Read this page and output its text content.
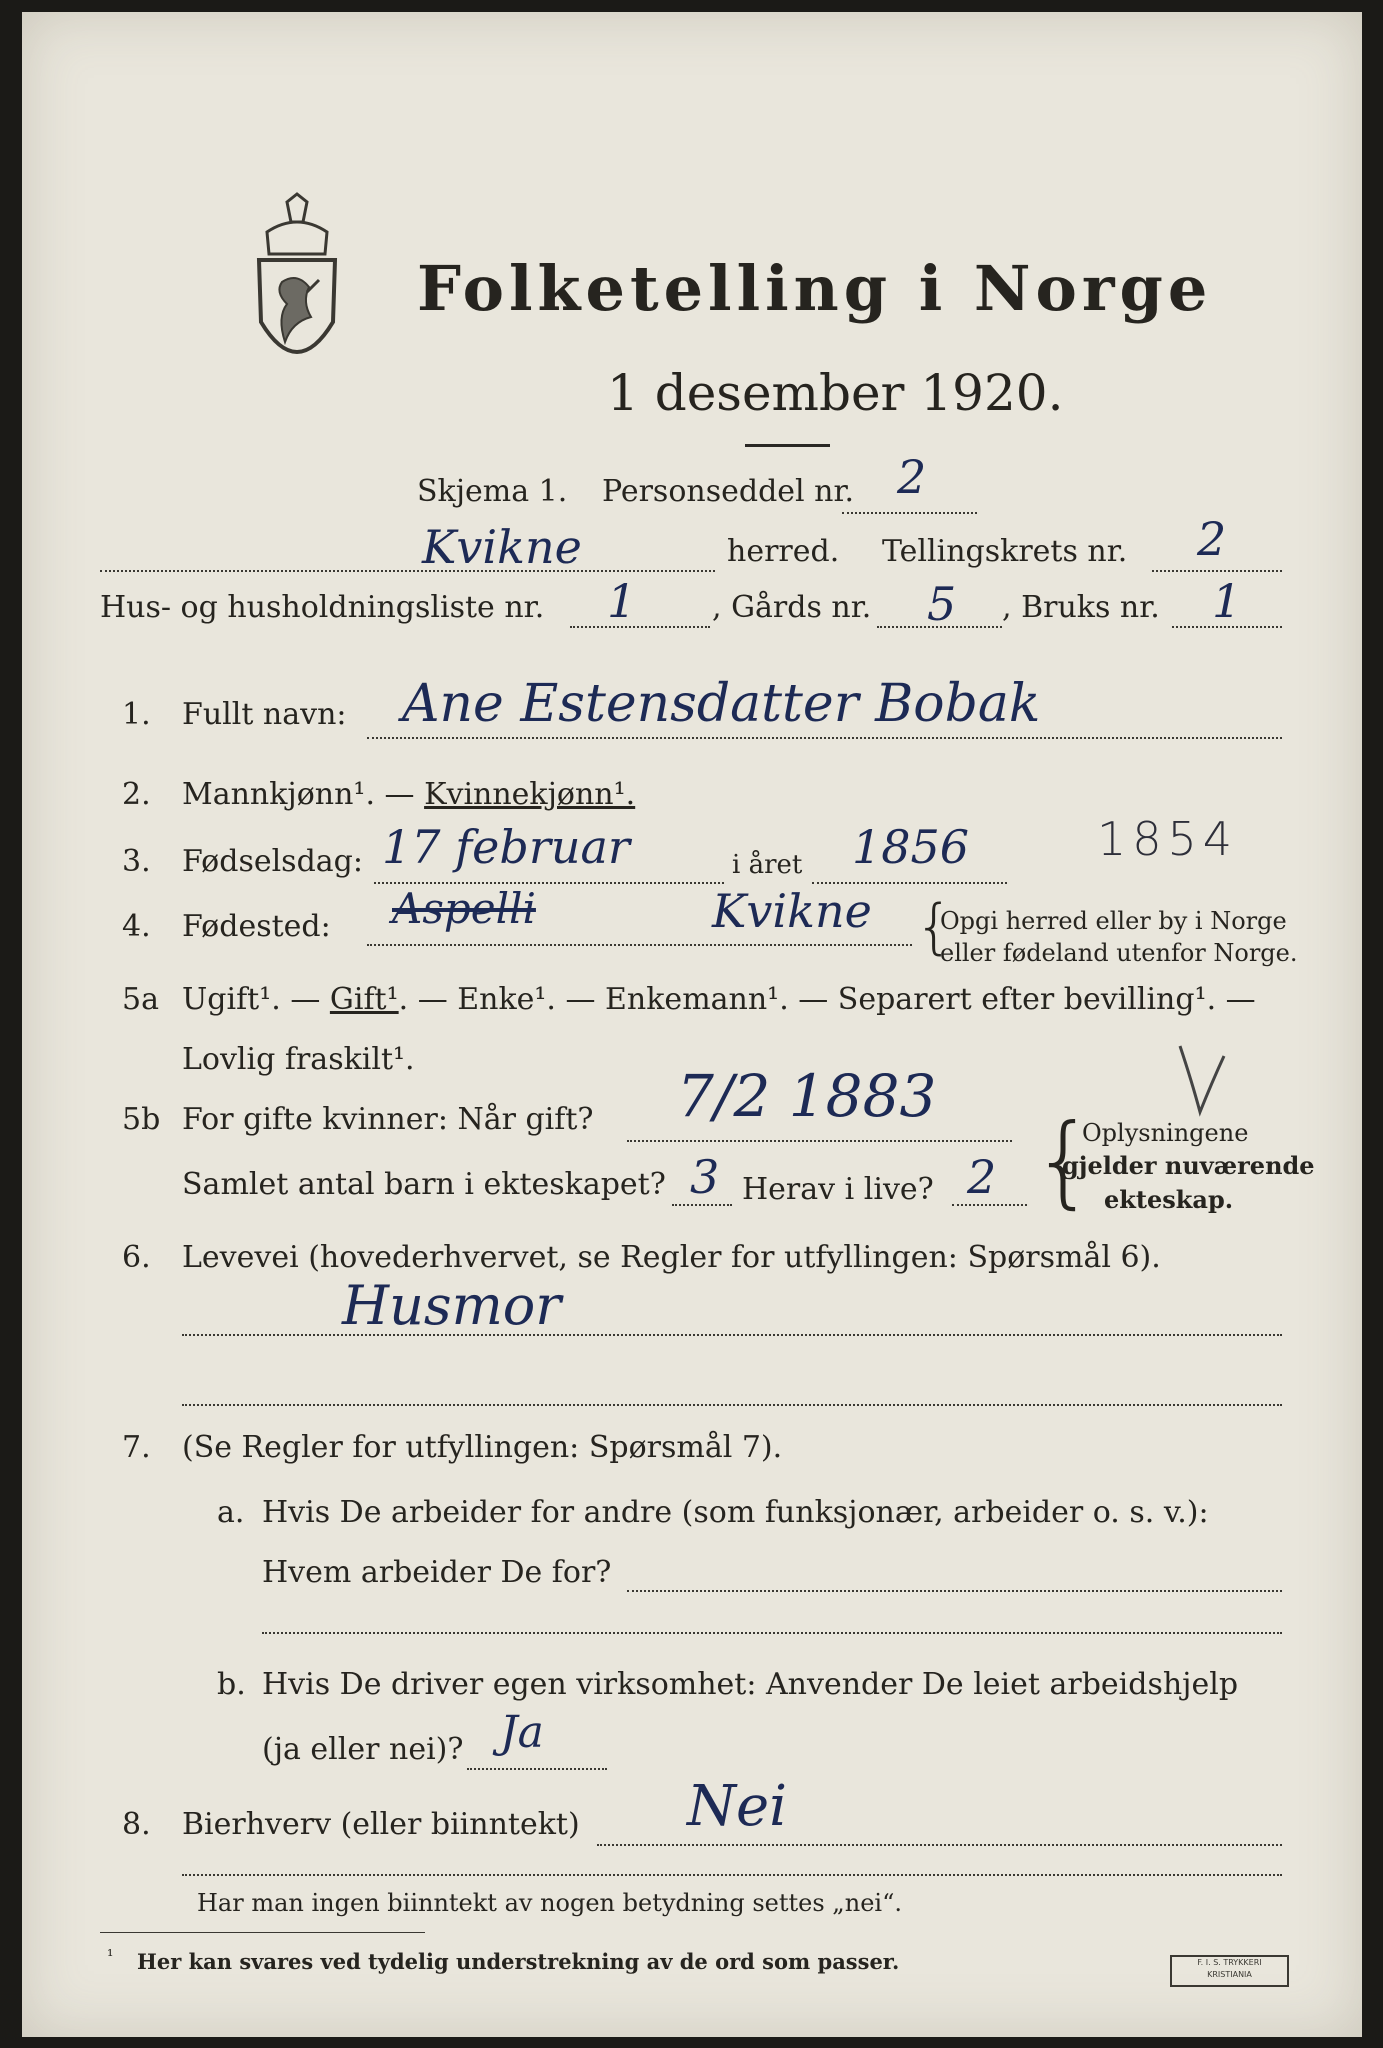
Folketelling i Norge
1 desember 1920.
Skjema 1. Personseddel nr. 2
Kvikne	herred. Tellingskrets nr. 2
Hus- og husholdningsliste nr. 1	, Gårds nr. 5 , Bruks nr. 1
1. Fullt navn: Ane Estensdatter Bobak
2. Mannkjønn¹. — Kvinnekjønn¹.
3. Fødselsdag: 17 februar	i året 1856	1854
4. Fødested: Aspelli	Kvikne {
Opgi herred eller by i Norge
eller fødeland utenfor Norge.
5a Ugift¹. — Gift¹. — Enke¹. — Enkemann¹. — Separert efter bevilling¹. —
Lovlig fraskilt¹.
5b For gifte kvinner: Når gift? 7/2 1883
Samlet antal barn i ekteskapet? 3 Herav i live? 2 {
Oplysningene
gjelder nuværende
ekteskap.
6. Levevei (hovederhvervet, se Regler for utfyllingen: Spørsmål 6).
Husmor
7. (Se Regler for utfyllingen: Spørsmål 7).
a. Hvis De arbeider for andre (som funksjonær, arbeider o. s. v.):
Hvem arbeider De for?
b. Hvis De driver egen virksomhet: Anvender De leiet arbeidshjelp
(ja eller nei)? Ja
8. Bierhverv (eller biinntekt) Nei
Har man ingen biinntekt av nogen betydning settes „nei“.
¹ Her kan svares ved tydelig understrekning av de ord som passer.	F. I. S. TRYKKERI
KRISTIANIA
